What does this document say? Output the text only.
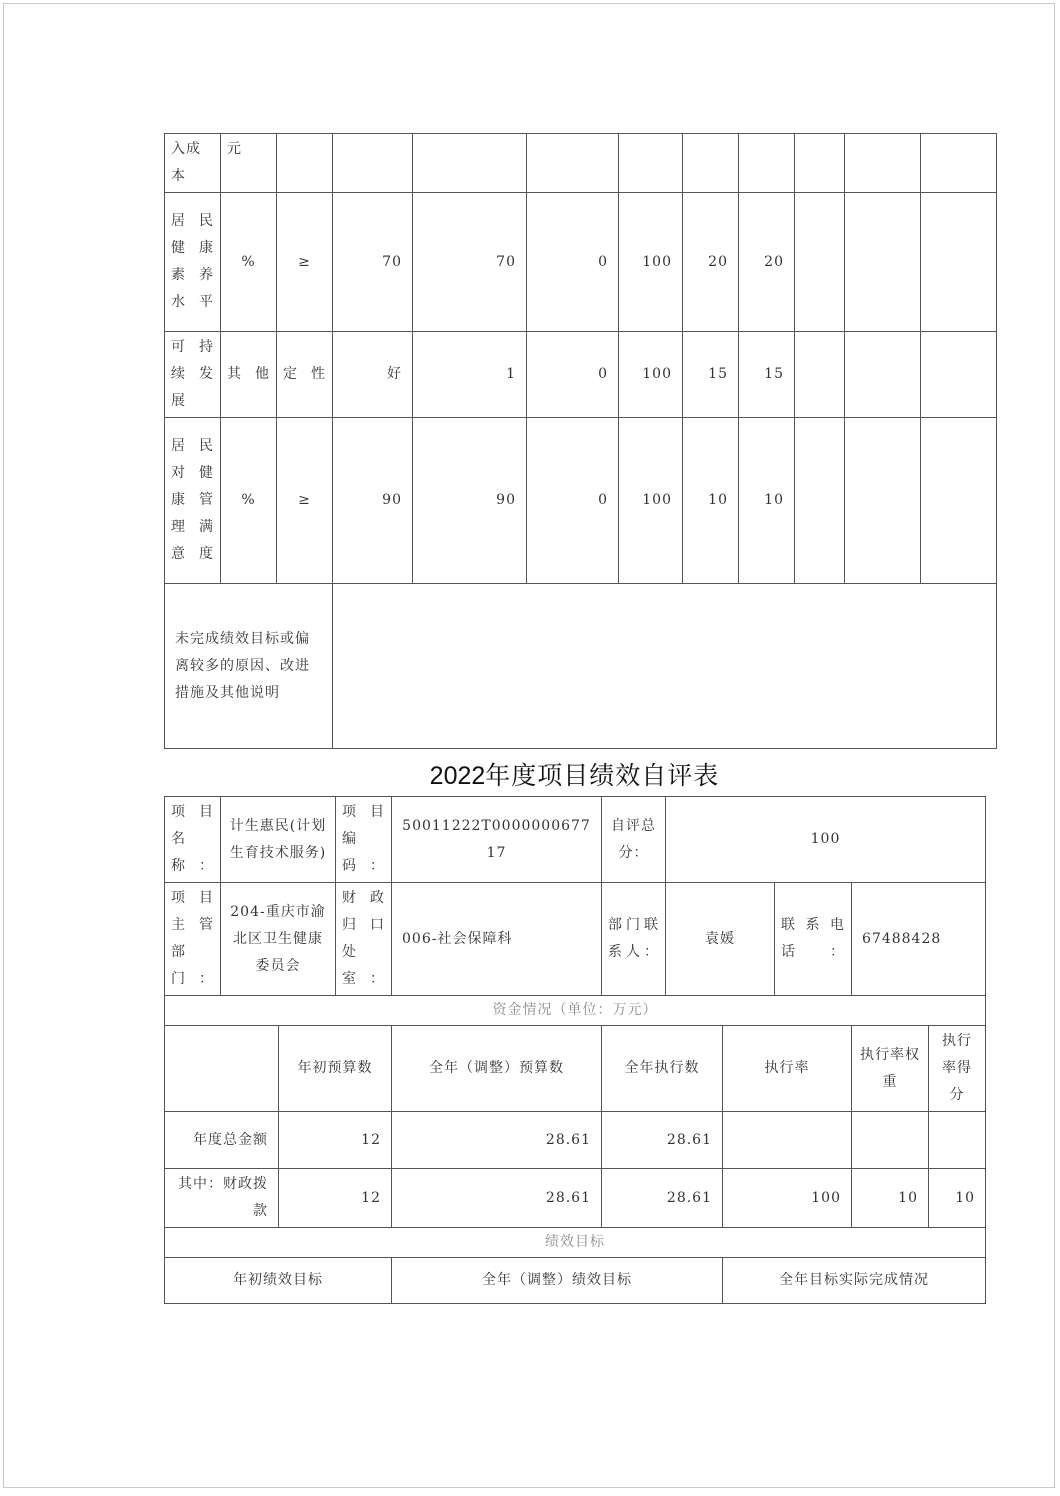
入成本	元										
居民健康素养水平	%	≥	70	70	0	100	20	20			
可持续发展	其他	定性	好	1	0	100	15	15			
居民对健康管理满意度	%	≥	90	90	0	100	10	10			
未完成绩效目标或偏离较多的原因、改进措施及其他说明											
2022年度项目绩效自评表
项目名称：	计生惠民(计划生育技术服务)		项目编码：	50011222T000000067717	自评总分：	100				
项目主管部门：	204-重庆市渝北区卫生健康委员会		财政归口处室：	006-社会保障科	部门联系人：	袁媛		联系电话：	67488428	
资金情况（单位：万元）										
		年初预算数		全年（调整）预算数	全年执行数		执行率		执行率权重	执行率得分
年度总金额		12		28.61	28.61					
其中：财政拨款		12		28.61	28.61		100		10	10
绩效目标										
年初绩效目标				全年（调整）绩效目标			全年目标实际完成情况			
